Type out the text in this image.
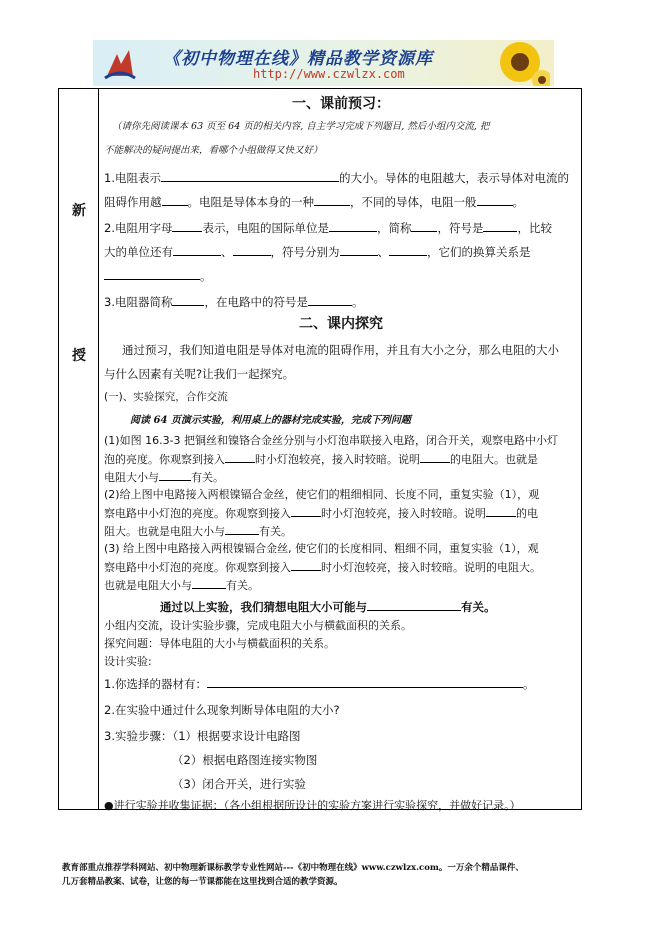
《初中物理在线》精品教学资源库
http://www.czwlzx.com
新
授
一、课前预习：
（请你先阅读课本 63 页至 64 页的相关内容, 自主学习完成下列题目, 然后小组内交流, 把
不能解决的疑问提出来，看哪个小组做得又快又好）
1.电阻表示	的大小。导体的电阻越大，表示导体对电流的
阻碍作用越 。电阻是导体本身的一种	，不同的导体，电阻一般	。
2.电阻用字母	表示，电阻的国际单位是	，简称 ，符号是	，比较
大的单位还有	、	，符号分别为	、	，它们的换算关系是
。
3.电阻器简称	，在电路中的符号是	。
二、课内探究
通过预习，我们知道电阻是导体对电流的阻碍作用，并且有大小之分，那么电阻的大小
与什么因素有关呢?让我们一起探究。
(一)、实验探究，合作交流
阅读 64 页演示实验，利用桌上的器材完成实验，完成下列问题
(1)如图 16.3-3 把铜丝和镍铬合金丝分别与小灯泡串联接入电路，闭合开关，观察电路中小灯
泡的亮度。你观察到接入	时小灯泡较亮，接入时较暗。说明	的电阻大。也就是
电阻大小与	有关。
(2)给上图中电路接入两根镍镉合金丝，使它们的粗细相同、长度不同，重复实验（1），观
察电路中小灯泡的亮度。你观察到接入	时小灯泡较亮，接入时较暗。说明	的电
阻大。也就是电阻大小与	有关。
(3) 给上图中电路接入两根镍镉合金丝, 使它们的长度相同、粗细不同，重复实验（1），观
察电路中小灯泡的亮度。你观察到接入	时小灯泡较亮，接入时较暗。说明的电阻大。
也就是电阻大小与	有关。
通过以上实验，我们猜想电阻大小可能与	有关。
小组内交流，设计实验步骤，完成电阻大小与横截面积的关系。
探究问题：导体电阻的大小与横截面积的关系。
设计实验:
1.你选择的器材有：	。
2.在实验中通过什么现象判断导体电阻的大小?
3.实验步骤：（1）根据要求设计电路图
（2）根据电路图连接实物图
（3）闭合开关，进行实验
●进行实验并收集证据：（各小组根据所设计的实验方案进行实验探究，并做好记录。）
教育部重点推荐学科网站、初中物理新课标教学专业性网站---《初中物理在线》www.czwlzx.com。一万余个精品课件、
几万套精品教案、试卷，让您的每一节课都能在这里找到合适的教学资源。
